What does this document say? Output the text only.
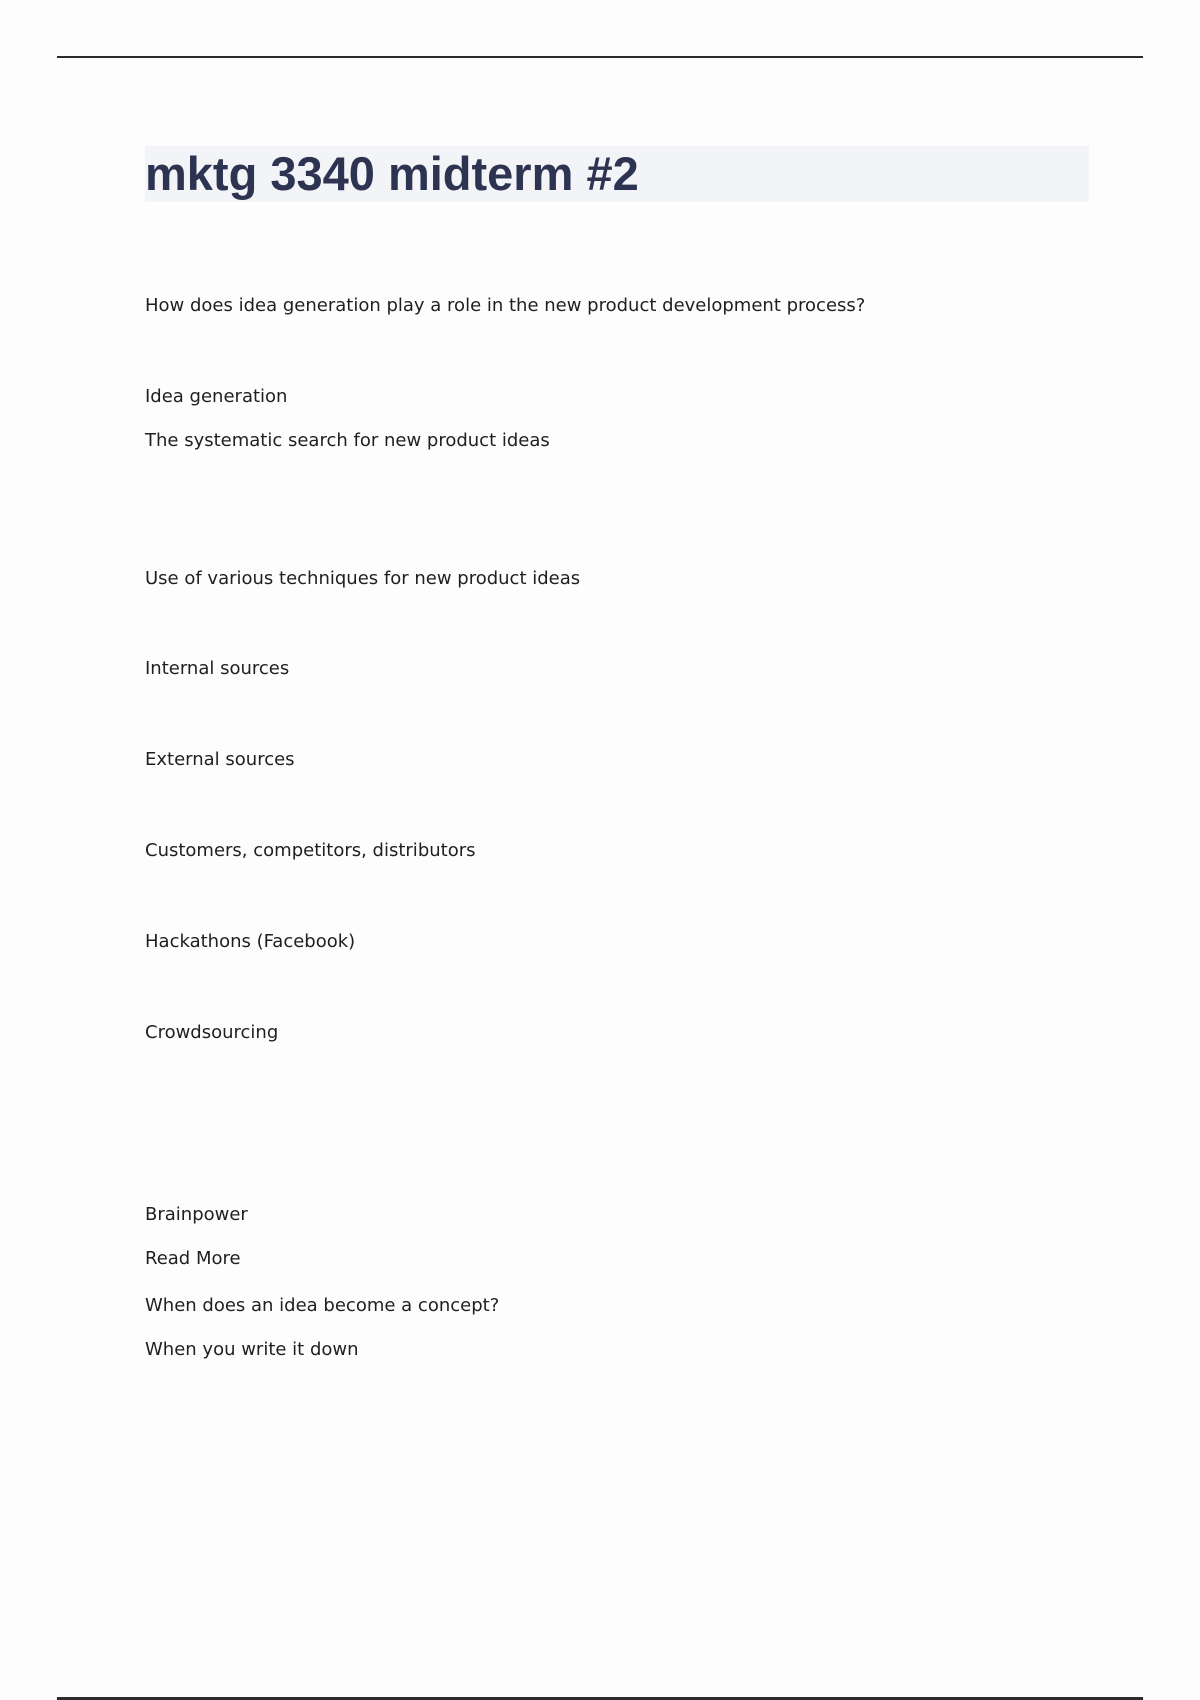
mktg 3340 midterm #2

How does idea generation play a role in the new product development process?

Idea generation

The systematic search for new product ideas

Use of various techniques for new product ideas

Internal sources

External sources

Customers, competitors, distributors

Hackathons (Facebook)

Crowdsourcing

Brainpower

Read More

When does an idea become a concept?

When you write it down
